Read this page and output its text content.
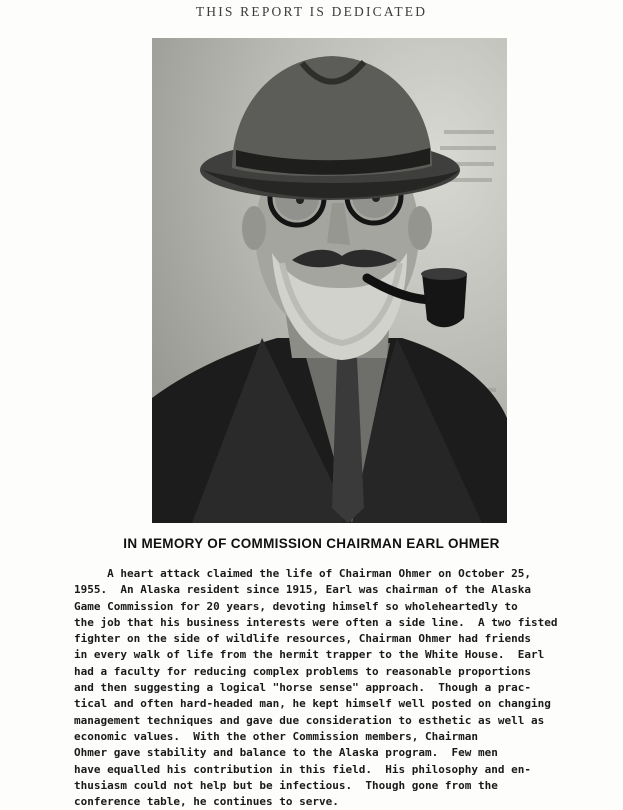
THIS REPORT IS DEDICATED
IN MEMORY OF COMMISSION CHAIRMAN EARL OHMER
A heart attack claimed the life of Chairman Ohmer on October 25,
1955.  An Alaska resident since 1915, Earl was chairman of the Alaska
Game Commission for 20 years, devoting himself so wholeheartedly to
the job that his business interests were often a side line.  A two fisted
fighter on the side of wildlife resources, Chairman Ohmer had friends
in every walk of life from the hermit trapper to the White House.  Earl
had a faculty for reducing complex problems to reasonable proportions
and then suggesting a logical "horse sense" approach.  Though a prac-
tical and often hard-headed man, he kept himself well posted on changing
management techniques and gave due consideration to esthetic as well as
economic values.  With the other Commission members, Chairman
Ohmer gave stability and balance to the Alaska program.  Few men
have equalled his contribution in this field.  His philosophy and en-
thusiasm could not help but be infectious.  Though gone from the
conference table, he continues to serve.
